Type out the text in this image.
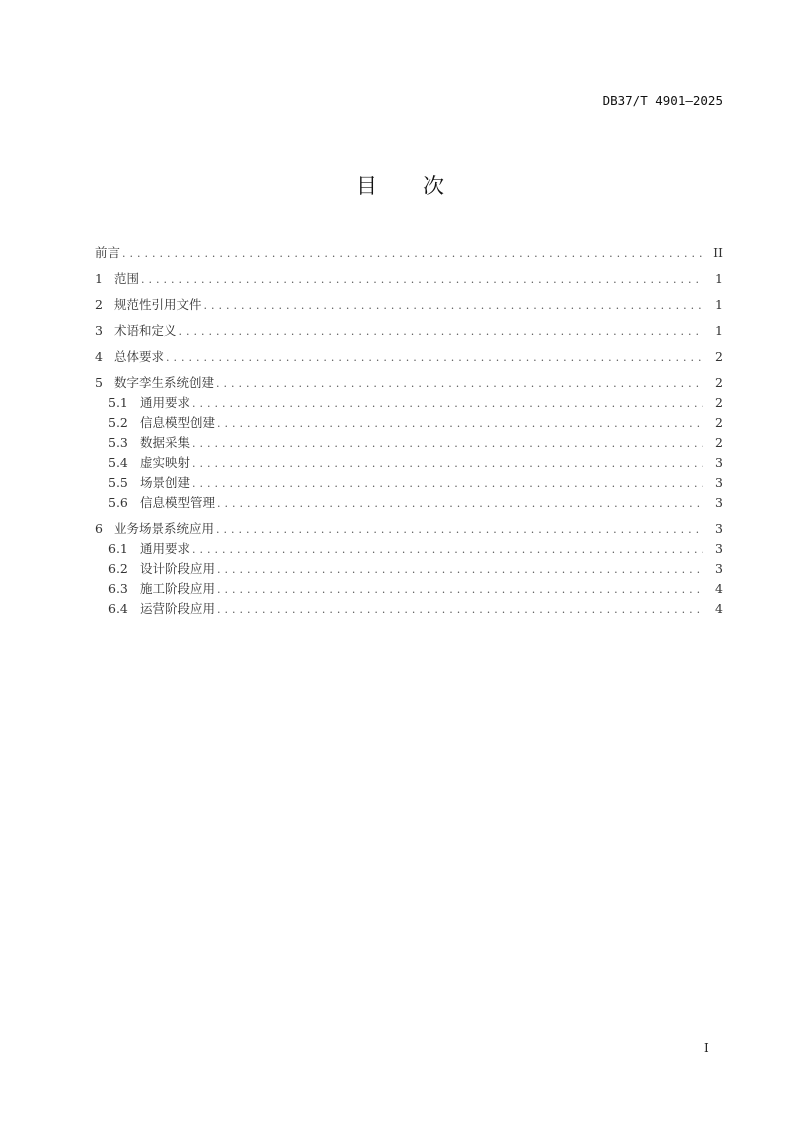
DB37/T 4901—2025
目 次
前言 . . .	II
1 范围 . . .	1
2 规范性引用文件 . . .	1
3 术语和定义 . . .	1
4 总体要求 . . .	2
5 数字孪生系统创建 . . .	2
5.1 通用要求 . . .	2
5.2 信息模型创建 . . .	2
5.3 数据采集 . . .	2
5.4 虚实映射 . . .	3
5.5 场景创建 . . .	3
5.6 信息模型管理 . . .	3
6 业务场景系统应用 . . .	3
6.1 通用要求 . . .	3
6.2 设计阶段应用 . . .	3
6.3 施工阶段应用 . . .	4
6.4 运营阶段应用 . . .	4
I
